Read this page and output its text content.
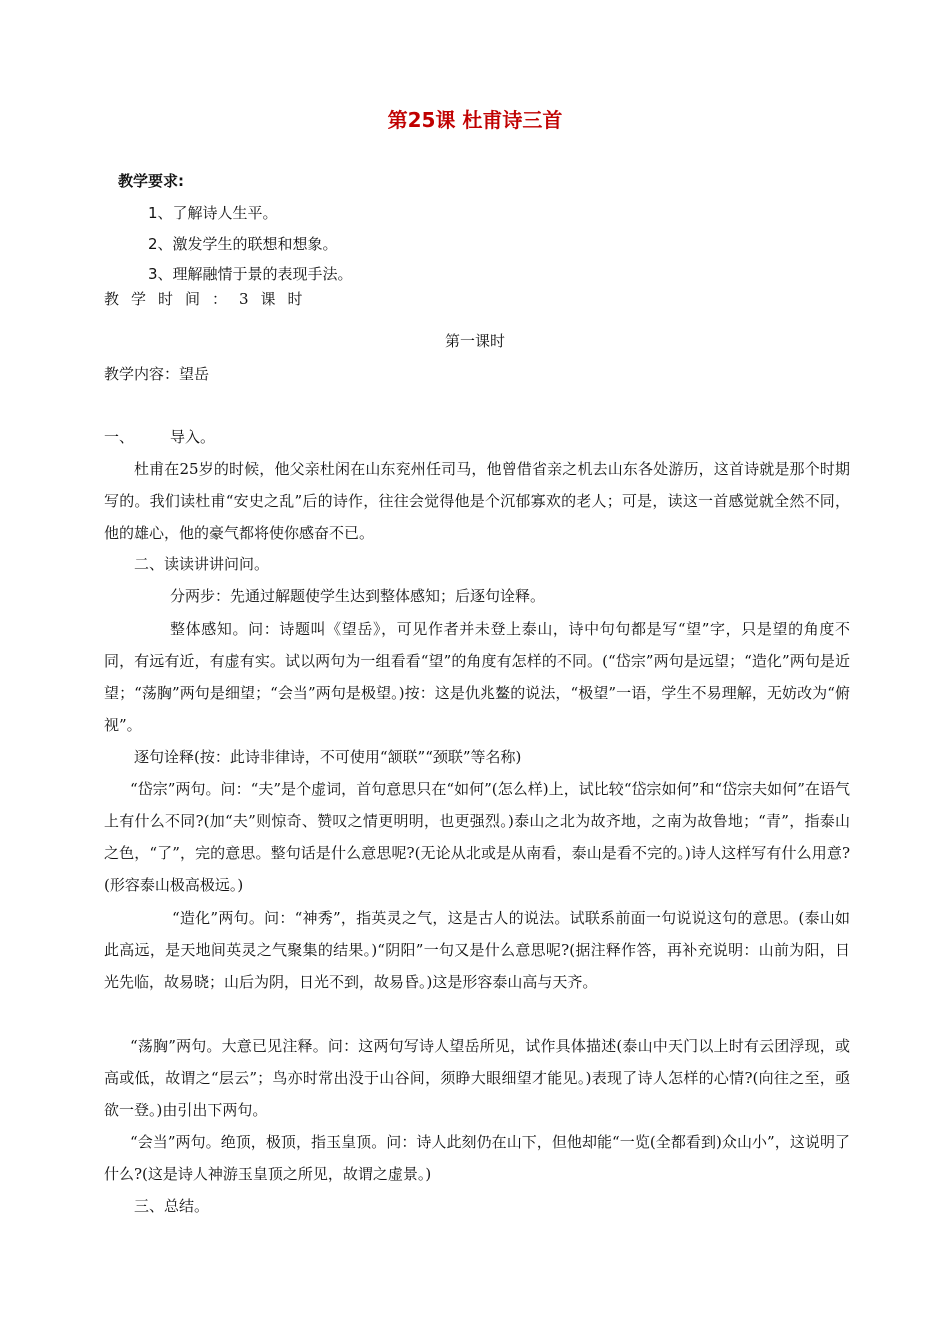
第25课 杜甫诗三首
教学要求:
1、了解诗人生平。
2、激发学生的联想和想象。
3、理解融情于景的表现手法。
教学时间：3课时
第一课时
教学内容：望岳
一、 导入。
杜甫在25岁的时候，他父亲杜闲在山东兖州任司马，他曾借省亲之机去山东各处游历，这首诗就是那个时期写的。我们读杜甫“安史之乱”后的诗作，往往会觉得他是个沉郁寡欢的老人；可是，读这一首感觉就全然不同，他的雄心，他的豪气都将使你感奋不已。
二、读读讲讲问问。
分两步：先通过解题使学生达到整体感知；后逐句诠释。
整体感知。问：诗题叫《望岳》，可见作者并未登上泰山，诗中句句都是写“望”字，只是望的角度不同，有远有近，有虚有实。试以两句为一组看看“望”的角度有怎样的不同。(“岱宗”两句是远望；“造化”两句是近望；“荡胸”两句是细望；“会当”两句是极望。)按：这是仇兆鳌的说法，“极望”一语，学生不易理解，无妨改为“俯视”。
逐句诠释(按：此诗非律诗，不可使用“颔联”“颈联”等名称)
“岱宗”两句。问：“夫”是个虚词，首句意思只在“如何”(怎么样)上，试比较“岱宗如何”和“岱宗夫如何”在语气上有什么不同?(加“夫”则惊奇、赞叹之情更明明，也更强烈。)泰山之北为故齐地，之南为故鲁地；“青”，指泰山之色，“了”，完的意思。整句话是什么意思呢?(无论从北或是从南看，泰山是看不完的。)诗人这样写有什么用意?(形容泰山极高极远。)
“造化”两句。问：“神秀”，指英灵之气，这是古人的说法。试联系前面一句说说这句的意思。(泰山如此高远，是天地间英灵之气聚集的结果。)“阴阳”一句又是什么意思呢?(据注释作答，再补充说明：山前为阳，日光先临，故易晓；山后为阴，日光不到，故易昏。)这是形容泰山高与天齐。
“荡胸”两句。大意已见注释。问：这两句写诗人望岳所见，试作具体描述(泰山中天门以上时有云团浮现，或高或低，故谓之“层云”；鸟亦时常出没于山谷间，须睁大眼细望才能见。)表现了诗人怎样的心情?(向往之至，亟欲一登。)由引出下两句。
“会当”两句。绝顶，极顶，指玉皇顶。问：诗人此刻仍在山下，但他却能“一览(全都看到)众山小”，这说明了什么?(这是诗人神游玉皇顶之所见，故谓之虚景。)
三、总结。
